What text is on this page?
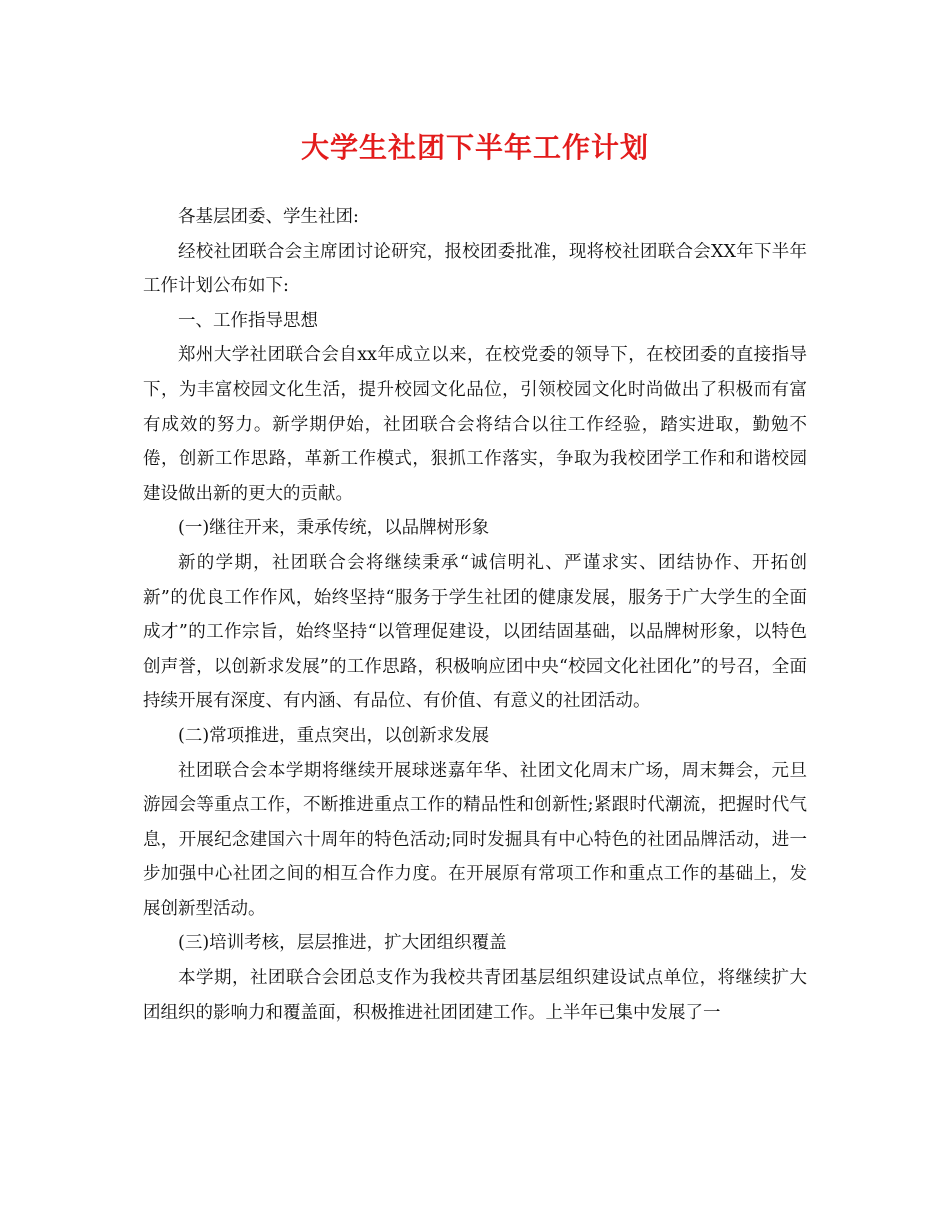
大学生社团下半年工作计划

各基层团委、学生社团:

经校社团联合会主席团讨论研究，报校团委批准，现将校社团联合会XX年下半年工作计划公布如下:

一、工作指导思想

郑州大学社团联合会自xx年成立以来，在校党委的领导下，在校团委的直接指导下，为丰富校园文化生活，提升校园文化品位，引领校园文化时尚做出了积极而有富有成效的努力。新学期伊始，社团联合会将结合以往工作经验，踏实进取，勤勉不倦，创新工作思路，革新工作模式，狠抓工作落实，争取为我校团学工作和和谐校园建设做出新的更大的贡献。

(一)继往开来，秉承传统，以品牌树形象

新的学期，社团联合会将继续秉承“诚信明礼、严谨求实、团结协作、开拓创新”的优良工作作风，始终坚持“服务于学生社团的健康发展，服务于广大学生的全面成才”的工作宗旨，始终坚持“以管理促建设，以团结固基础，以品牌树形象，以特色创声誉，以创新求发展”的工作思路，积极响应团中央“校园文化社团化”的号召，全面持续开展有深度、有内涵、有品位、有价值、有意义的社团活动。

(二)常项推进，重点突出，以创新求发展

社团联合会本学期将继续开展球迷嘉年华、社团文化周末广场，周末舞会，元旦游园会等重点工作，不断推进重点工作的精品性和创新性;紧跟时代潮流，把握时代气息，开展纪念建国六十周年的特色活动;同时发掘具有中心特色的社团品牌活动，进一步加强中心社团之间的相互合作力度。在开展原有常项工作和重点工作的基础上，发展创新型活动。

(三)培训考核，层层推进，扩大团组织覆盖

本学期，社团联合会团总支作为我校共青团基层组织建设试点单位，将继续扩大团组织的影响力和覆盖面，积极推进社团团建工作。上半年已集中发展了一
